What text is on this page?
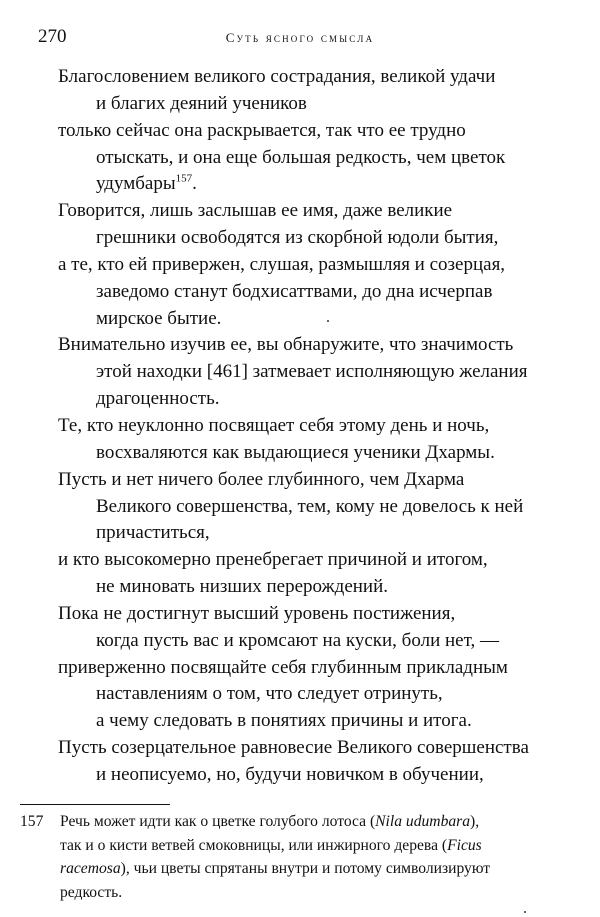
270	Суть ясного смысла
Благословением великого сострадания, великой удачи
и благих деяний учеников
только сейчас она раскрывается, так что ее трудно
отыскать, и она еще большая редкость, чем цветок
удумбары$^{157}$.
Говорится, лишь заслышав ее имя, даже великие
грешники освободятся из скорбной юдоли бытия,
а те, кто ей привержен, слушая, размышляя и созерцая,
заведомо станут бодхисаттвами, до дна исчерпав
мирское бытие.
Внимательно изучив ее, вы обнаружите, что значимость
этой находки [461] затмевает исполняющую желания
драгоценность.
Те, кто неуклонно посвящает себя этому день и ночь,
восхваляются как выдающиеся ученики Дхармы.
Пусть и нет ничего более глубинного, чем Дхарма
Великого совершенства, тем, кому не довелось к ней
причаститься,
и кто высокомерно пренебрегает причиной и итогом,
не миновать низших перерождений.
Пока не достигнут высший уровень постижения,
когда пусть вас и кромсают на куски, боли нет, —
приверженно посвящайте себя глубинным прикладным
наставлениям о том, что следует отринуть,
а чему следовать в понятиях причины и итога.
Пусть созерцательное равновесие Великого совершенства
и неописуемо, но, будучи новичком в обучении,
157 Речь может идти как о цветке голубого лотоса (Nila udumbara),
так и о кисти ветвей смоковницы, или инжирного дерева (Ficus
racemosa), чьи цветы спрятаны внутри и потому символизируют
редкость.
